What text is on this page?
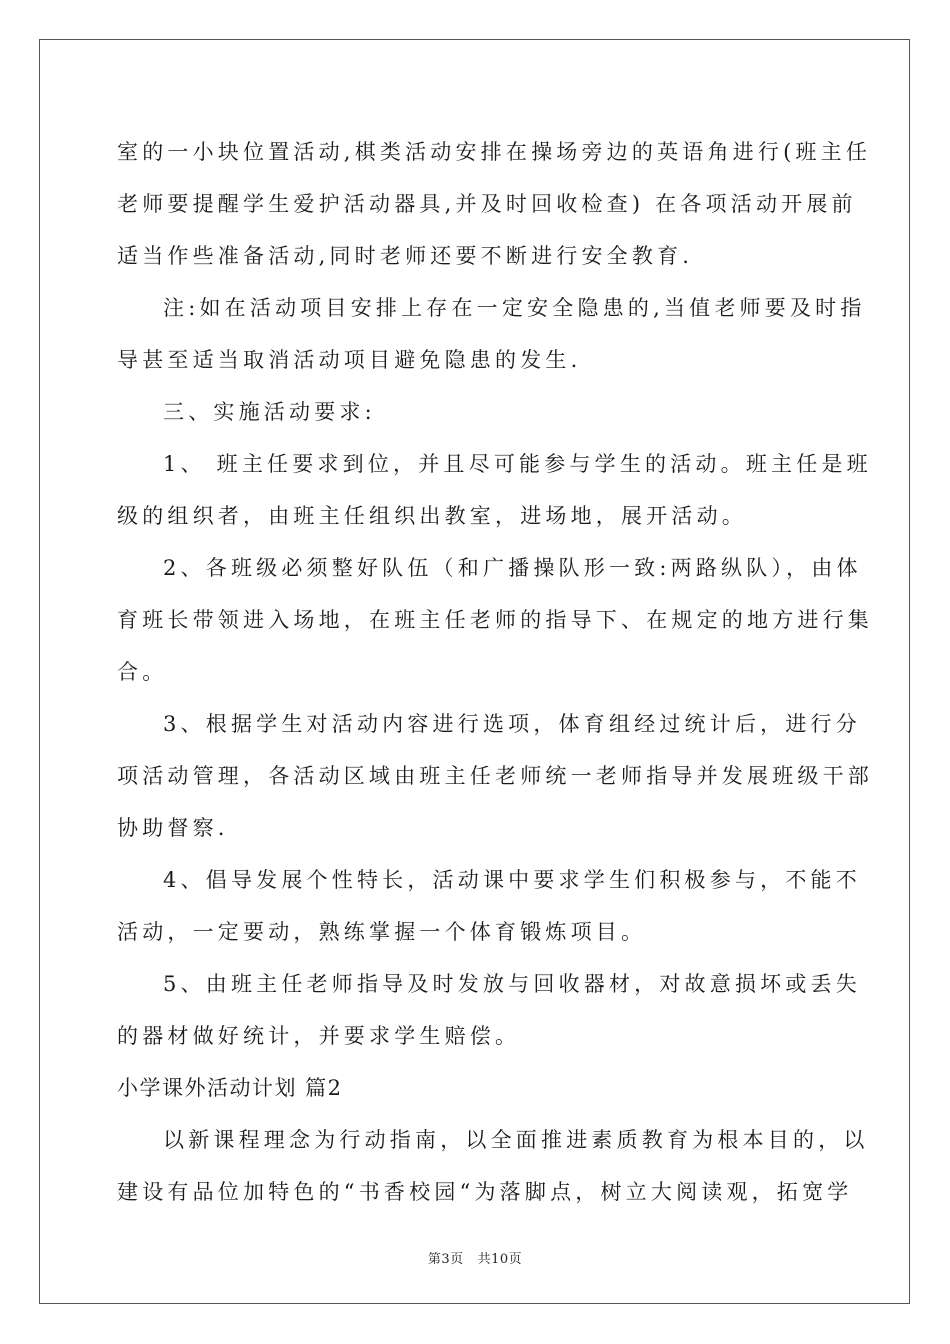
室的一小块位置活动,棋类活动安排在操场旁边的英语角进行(班主任
老师要提醒学生爱护活动器具,并及时回收检查) 在各项活动开展前
适当作些准备活动,同时老师还要不断进行安全教育.
注:如在活动项目安排上存在一定安全隐患的,当值老师要及时指
导甚至适当取消活动项目避免隐患的发生.
三、实施活动要求:
1、 班主任要求到位，并且尽可能参与学生的活动。班主任是班
级的组织者，由班主任组织出教室，进场地，展开活动。
2、各班级必须整好队伍（和广播操队形一致:两路纵队），由体
育班长带领进入场地，在班主任老师的指导下、在规定的地方进行集
合。
3、根据学生对活动内容进行选项，体育组经过统计后，进行分
项活动管理，各活动区域由班主任老师统一老师指导并发展班级干部
协助督察.
4、倡导发展个性特长，活动课中要求学生们积极参与，不能不
活动，一定要动，熟练掌握一个体育锻炼项目。
5、由班主任老师指导及时发放与回收器材，对故意损坏或丢失
的器材做好统计，并要求学生赔偿。
小学课外活动计划 篇2
以新课程理念为行动指南，以全面推进素质教育为根本目的，以
建设有品位加特色的“书香校园“为落脚点，树立大阅读观，拓宽学
第3页 共10页
